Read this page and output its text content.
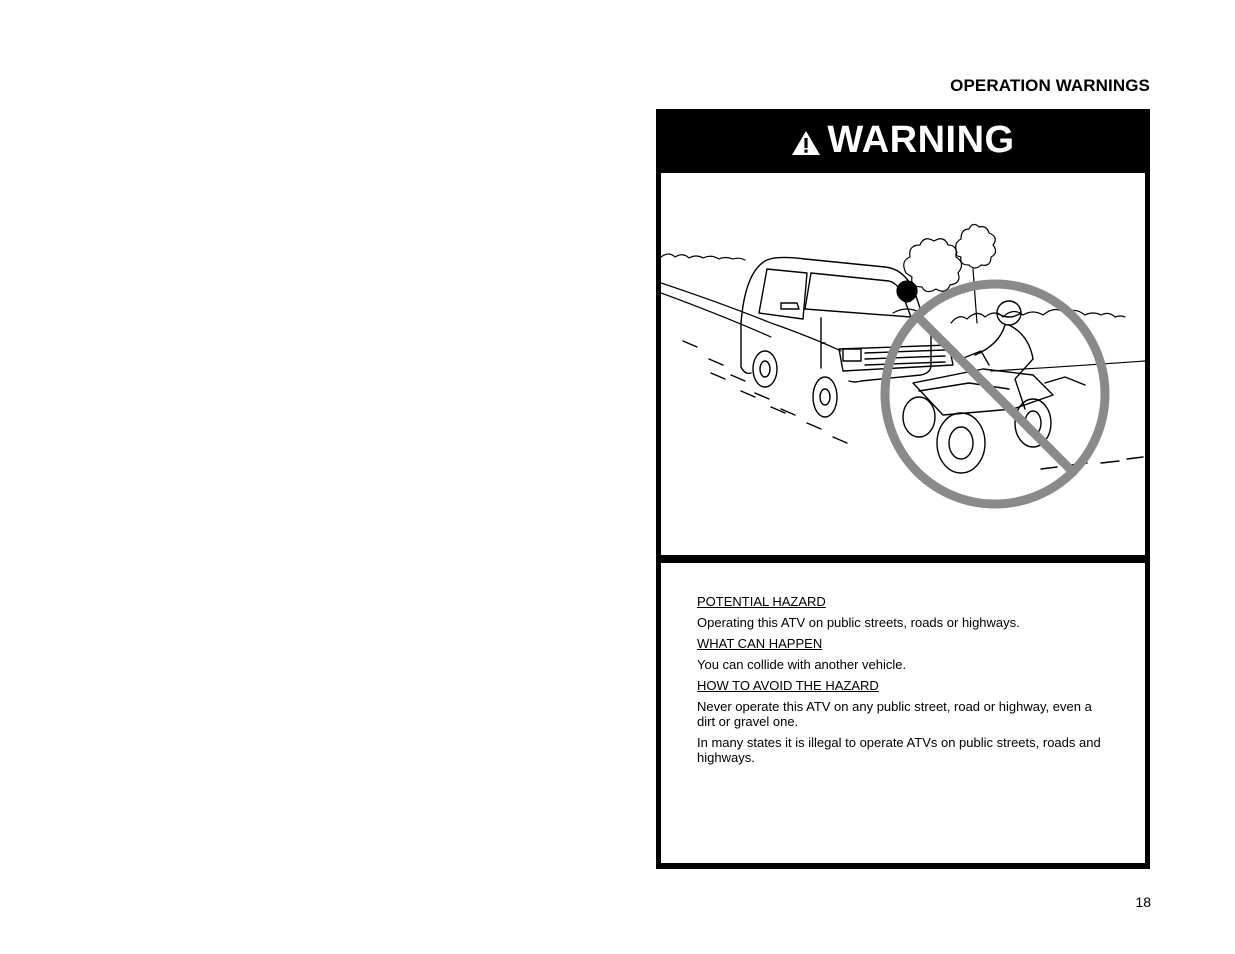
OPERATION WARNINGS
WARNING

POTENTIAL HAZARD

Operating this ATV on public streets, roads or highways.

WHAT CAN HAPPEN

You can collide with another vehicle.

HOW TO AVOID THE HAZARD

Never operate this ATV on any public street, road or highway, even a dirt or gravel one.

In many states it is illegal to operate ATVs on public streets, roads and highways.

18
